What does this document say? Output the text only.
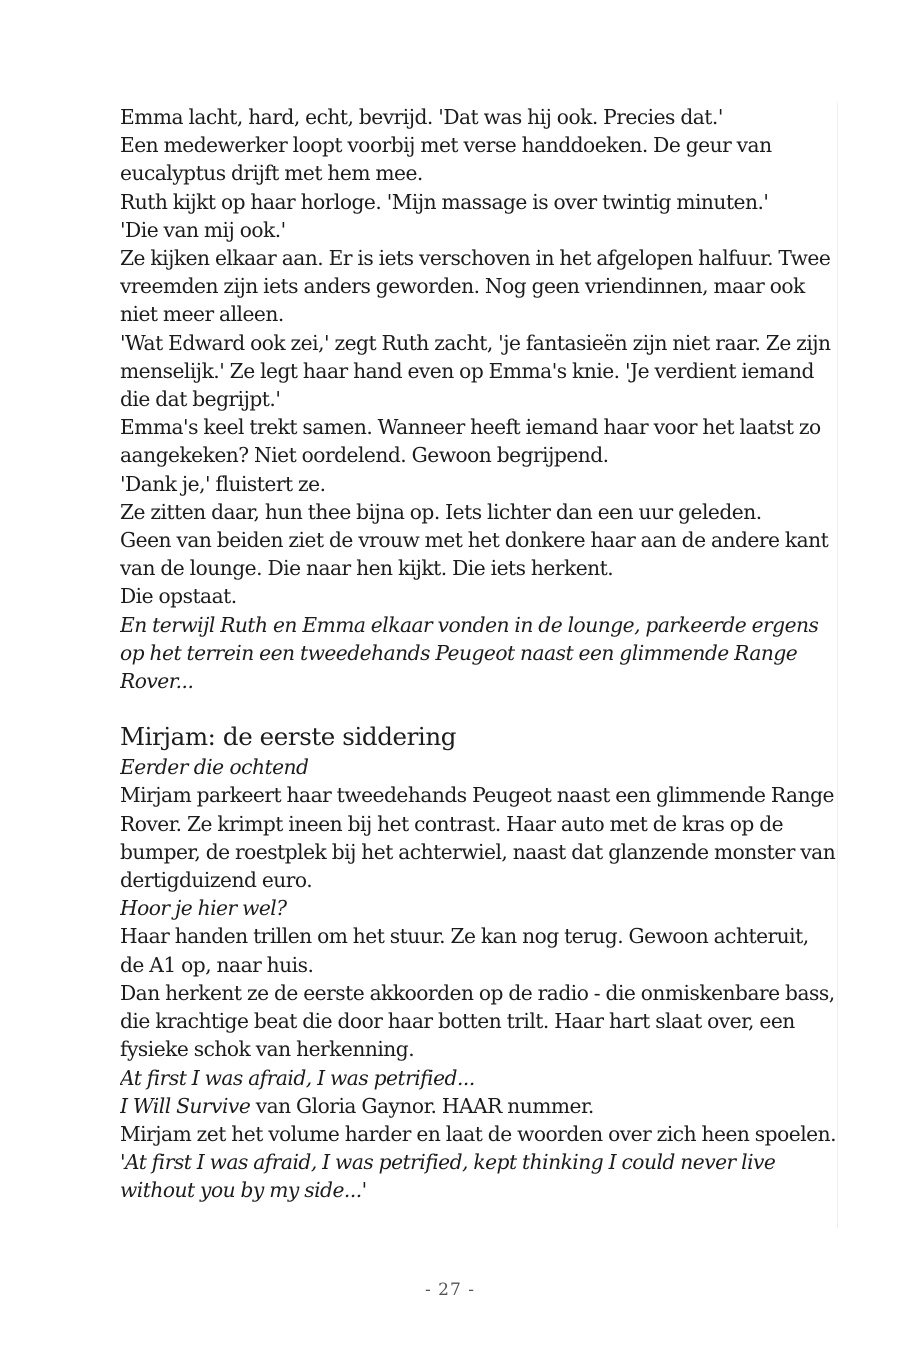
Emma lacht, hard, echt, bevrijd. 'Dat was hij ook. Precies dat.'

Een medewerker loopt voorbij met verse handdoeken. De geur van eucalyptus drijft met hem mee.

Ruth kijkt op haar horloge. 'Mijn massage is over twintig minuten.'

'Die van mij ook.'

Ze kijken elkaar aan. Er is iets verschoven in het afgelopen halfuur. Twee vreemden zijn iets anders geworden. Nog geen vriendinnen, maar ook niet meer alleen.

'Wat Edward ook zei,' zegt Ruth zacht, 'je fantasieën zijn niet raar. Ze zijn menselijk.' Ze legt haar hand even op Emma's knie. 'Je verdient iemand die dat begrijpt.'

Emma's keel trekt samen. Wanneer heeft iemand haar voor het laatst zo aangekeken? Niet oordelend. Gewoon begrijpend.

'Dank je,' fluistert ze.

Ze zitten daar, hun thee bijna op. Iets lichter dan een uur geleden.

Geen van beiden ziet de vrouw met het donkere haar aan de andere kant van de lounge. Die naar hen kijkt. Die iets herkent.

Die opstaat.

En terwijl Ruth en Emma elkaar vonden in de lounge, parkeerde ergens op het terrein een tweedehands Peugeot naast een glimmende Range Rover...

Mirjam: de eerste siddering

Eerder die ochtend

Mirjam parkeert haar tweedehands Peugeot naast een glimmende Range Rover. Ze krimpt ineen bij het contrast. Haar auto met de kras op de bumper, de roestplek bij het achterwiel, naast dat glanzende monster van dertigduizend euro.

Hoor je hier wel?

Haar handen trillen om het stuur. Ze kan nog terug. Gewoon achteruit, de A1 op, naar huis.

Dan herkent ze de eerste akkoorden op de radio - die onmiskenbare bass, die krachtige beat die door haar botten trilt. Haar hart slaat over, een fysieke schok van herkenning.

At first I was afraid, I was petrified...

I Will Survive van Gloria Gaynor. HAAR nummer.

Mirjam zet het volume harder en laat de woorden over zich heen spoelen.

'At first I was afraid, I was petrified, kept thinking I could never live without you by my side...'

- 27 -
